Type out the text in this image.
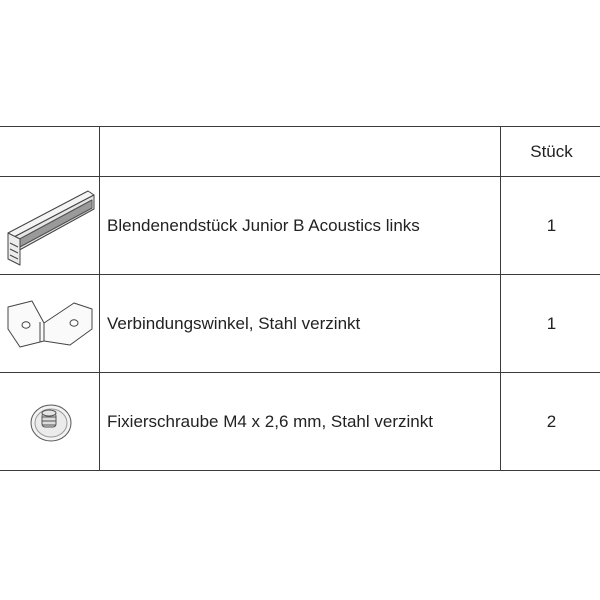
		Stück

	Blendenendstück Junior B Acoustics links	1

	Verbindungswinkel, Stahl verzinkt	1

	Fixierschraube M4 x 2,6 mm, Stahl verzinkt	2
